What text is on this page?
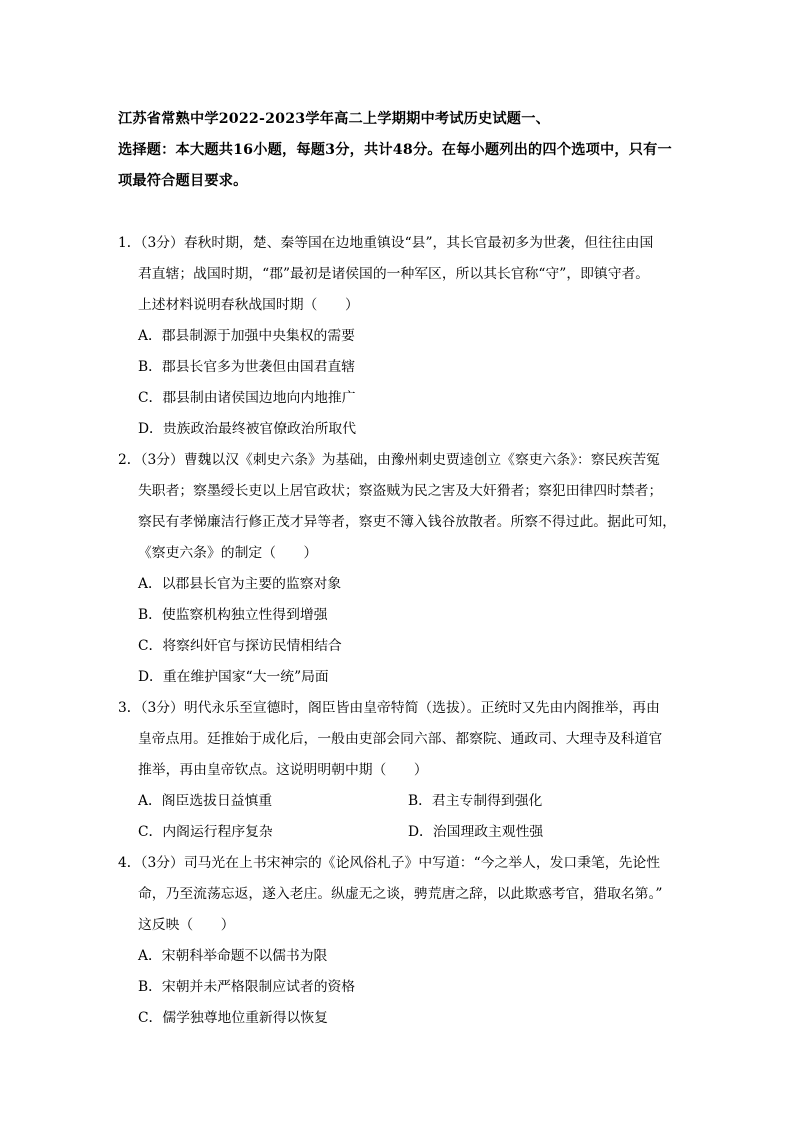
江苏省常熟中学2022-2023学年高二上学期期中考试历史试题一、
选择题：本大题共16小题，每题3分，共计48分。在每小题列出的四个选项中，只有一
项最符合题目要求。
1．（3分）春秋时期，楚、秦等国在边地重镇设“县”，其长官最初多为世袭，但往往由国
君直辖；战国时期，“郡”最初是诸侯国的一种军区，所以其长官称“守”，即镇守者。
上述材料说明春秋战国时期（　　）
A．郡县制源于加强中央集权的需要
B．郡县长官多为世袭但由国君直辖
C．郡县制由诸侯国边地向内地推广
D．贵族政治最终被官僚政治所取代
2．（3分）曹魏以汉《刺史六条》为基础，由豫州刺史贾逵创立《察吏六条》：察民疾苦冤
失职者；察墨绶长吏以上居官政状；察盗贼为民之害及大奸猾者；察犯田律四时禁者；
察民有孝悌廉洁行修正茂才异等者，察吏不簿入钱谷放散者。所察不得过此。据此可知，
《察吏六条》的制定（　　）
A．以郡县长官为主要的监察对象
B．使监察机构独立性得到增强
C．将察纠奸官与探访民情相结合
D．重在维护国家“大一统”局面
3．（3分）明代永乐至宣德时，阁臣皆由皇帝特简（选拔）。正统时又先由内阁推举，再由
皇帝点用。廷推始于成化后，一般由吏部会同六部、都察院、通政司、大理寺及科道官
推举，再由皇帝钦点。这说明明朝中期（　　）
A．阁臣选拔日益慎重	B．君主专制得到强化
C．内阁运行程序复杂	D．治国理政主观性强
4．（3分）司马光在上书宋神宗的《论风俗札子》中写道：“今之举人，发口秉笔，先论性
命，乃至流荡忘返，遂入老庄。纵虚无之谈，骋荒唐之辞，以此欺惑考官，猎取名第。”
这反映（　　）
A．宋朝科举命题不以儒书为限
B．宋朝并未严格限制应试者的资格
C．儒学独尊地位重新得以恢复
